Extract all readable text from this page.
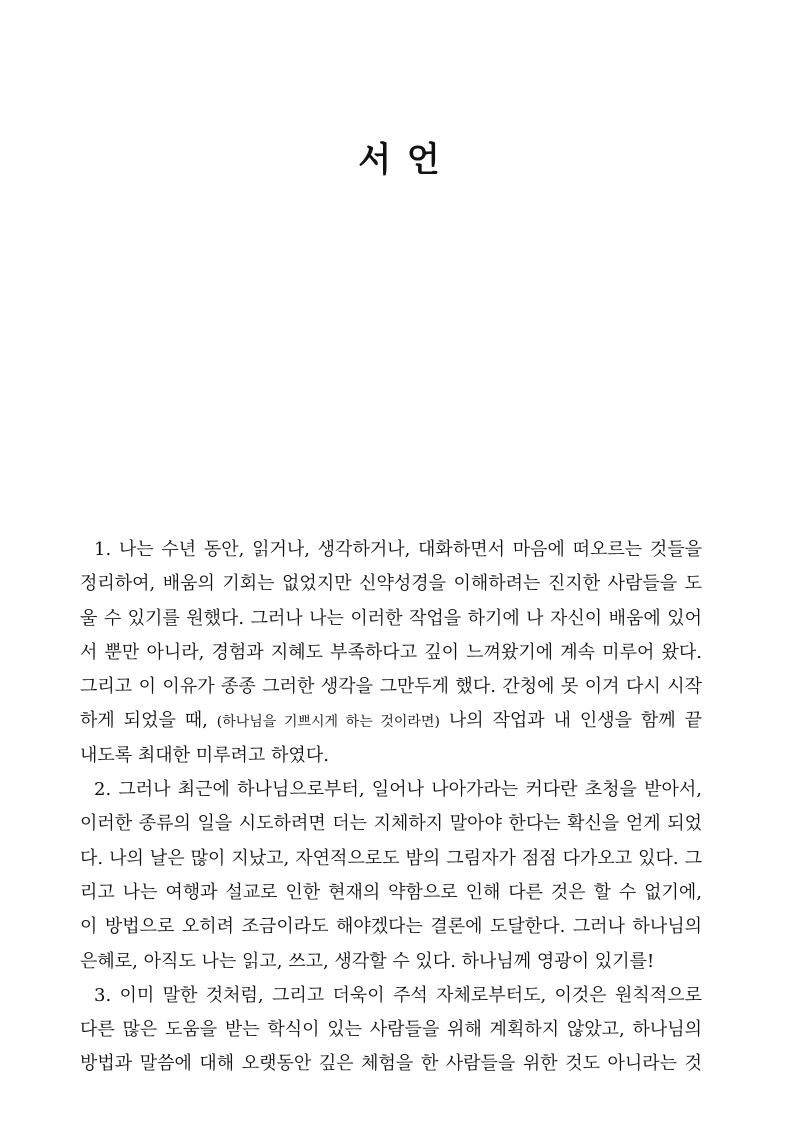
서 언
1. 나는 수년 동안, 읽거나, 생각하거나, 대화하면서 마음에 떠오르는 것들을
정리하여, 배움의 기회는 없었지만 신약성경을 이해하려는 진지한 사람들을 도
울 수 있기를 원했다. 그러나 나는 이러한 작업을 하기에 나 자신이 배움에 있어
서 뿐만 아니라, 경험과 지혜도 부족하다고 깊이 느껴왔기에 계속 미루어 왔다.
그리고 이 이유가 종종 그러한 생각을 그만두게 했다. 간청에 못 이겨 다시 시작
하게 되었을 때, (하나님을 기쁘시게 하는 것이라면) 나의 작업과 내 인생을 함께 끝
내도록 최대한 미루려고 하였다.
2. 그러나 최근에 하나님으로부터, 일어나 나아가라는 커다란 초청을 받아서,
이러한 종류의 일을 시도하려면 더는 지체하지 말아야 한다는 확신을 얻게 되었
다. 나의 날은 많이 지났고, 자연적으로도 밤의 그림자가 점점 다가오고 있다. 그
리고 나는 여행과 설교로 인한 현재의 약함으로 인해 다른 것은 할 수 없기에,
이 방법으로 오히려 조금이라도 해야겠다는 결론에 도달한다. 그러나 하나님의
은혜로, 아직도 나는 읽고, 쓰고, 생각할 수 있다. 하나님께 영광이 있기를!
3. 이미 말한 것처럼, 그리고 더욱이 주석 자체로부터도, 이것은 원칙적으로
다른 많은 도움을 받는 학식이 있는 사람들을 위해 계획하지 않았고, 하나님의
방법과 말씀에 대해 오랫동안 깊은 체험을 한 사람들을 위한 것도 아니라는 것
